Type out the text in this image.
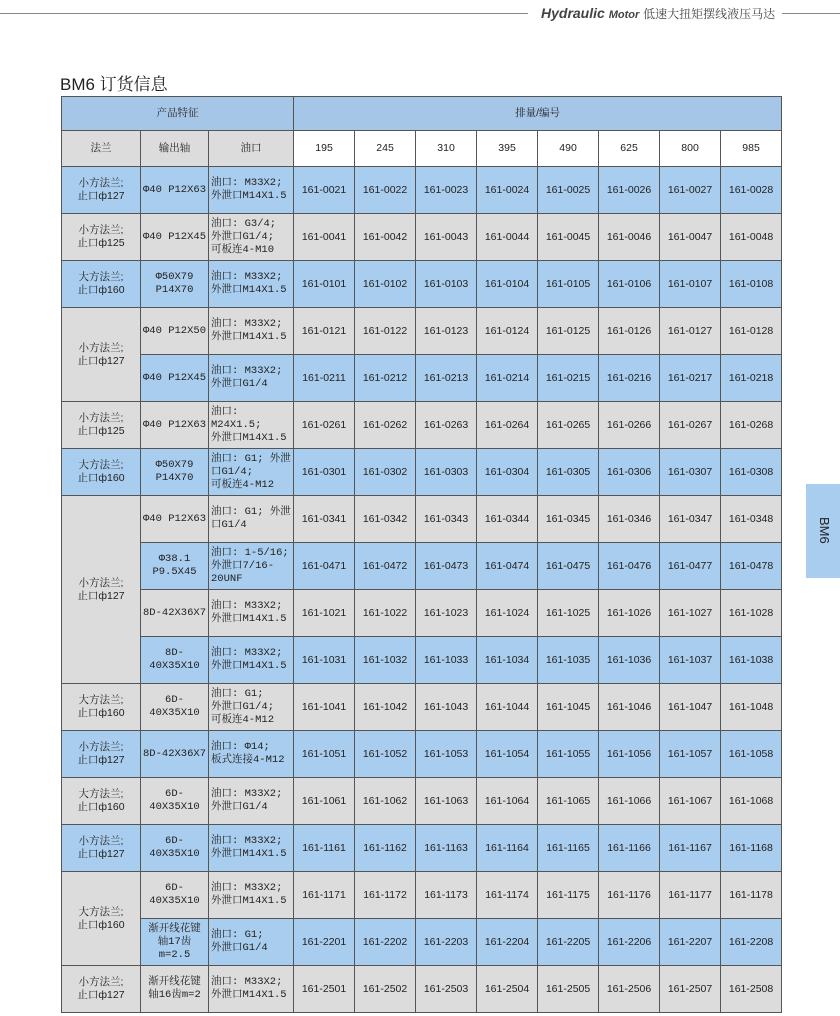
Hydraulic Motor 低速大扭矩摆线液压马达
BM6 订货信息
产品特征			排量/编号							
法兰	输出轴	油口	195	245	310	395	490	625	800	985
小方法兰;
止口ф127	Φ40 P12X63	油口: M33X2;
外泄口M14X1.5	161-0021	161-0022	161-0023	161-0024	161-0025	161-0026	161-0027	161-0028
小方法兰;
止口ф125	Φ40 P12X45	油口: G3/4;
外泄口G1/4;
可板连4-M10	161-0041	161-0042	161-0043	161-0044	161-0045	161-0046	161-0047	161-0048
大方法兰;
止口ф160	Φ50X79
P14X70	油口: M33X2;
外泄口M14X1.5	161-0101	161-0102	161-0103	161-0104	161-0105	161-0106	161-0107	161-0108
小方法兰;
止口ф127	Φ40 P12X50	油口: M33X2;
外泄口M14X1.5	161-0121	161-0122	161-0123	161-0124	161-0125	161-0126	161-0127	161-0128
	Φ40 P12X45	油口: M33X2;
外泄口G1/4	161-0211	161-0212	161-0213	161-0214	161-0215	161-0216	161-0217	161-0218
小方法兰;
止口ф125	Φ40 P12X63	油口:
M24X1.5;
外泄口M14X1.5	161-0261	161-0262	161-0263	161-0264	161-0265	161-0266	161-0267	161-0268
大方法兰;
止口ф160	Φ50X79
P14X70	油口: G1; 外泄
口G1/4;
可板连4-M12	161-0301	161-0302	161-0303	161-0304	161-0305	161-0306	161-0307	161-0308
小方法兰;
止口ф127	Φ40 P12X63	油口: G1; 外泄
口G1/4	161-0341	161-0342	161-0343	161-0344	161-0345	161-0346	161-0347	161-0348
	Φ38.1
P9.5X45	油口: 1-5/16;
外泄口7/16-
20UNF	161-0471	161-0472	161-0473	161-0474	161-0475	161-0476	161-0477	161-0478
	8D-42X36X7	油口: M33X2;
外泄口M14X1.5	161-1021	161-1022	161-1023	161-1024	161-1025	161-1026	161-1027	161-1028
	8D-40X35X10	油口: M33X2;
外泄口M14X1.5	161-1031	161-1032	161-1033	161-1034	161-1035	161-1036	161-1037	161-1038
大方法兰;
止口ф160	6D-40X35X10	油口: G1;
外泄口G1/4;
可板连4-M12	161-1041	161-1042	161-1043	161-1044	161-1045	161-1046	161-1047	161-1048
小方法兰;
止口ф127	8D-42X36X7	油口: Φ14;
板式连接4-M12	161-1051	161-1052	161-1053	161-1054	161-1055	161-1056	161-1057	161-1058
大方法兰;
止口ф160	6D-40X35X10	油口: M33X2;
外泄口G1/4	161-1061	161-1062	161-1063	161-1064	161-1065	161-1066	161-1067	161-1068
小方法兰;
止口ф127	6D-40X35X10	油口: M33X2;
外泄口M14X1.5	161-1161	161-1162	161-1163	161-1164	161-1165	161-1166	161-1167	161-1168
大方法兰;
止口ф160	6D-40X35X10	油口: M33X2;
外泄口M14X1.5	161-1171	161-1172	161-1173	161-1174	161-1175	161-1176	161-1177	161-1178
	渐开线花键
轴17齿m=2.5	油口: G1;
外泄口G1/4	161-2201	161-2202	161-2203	161-2204	161-2205	161-2206	161-2207	161-2208
小方法兰;
止口ф127	渐开线花键
轴16齿m=2	油口: M33X2;
外泄口M14X1.5	161-2501	161-2502	161-2503	161-2504	161-2505	161-2506	161-2507	161-2508
BM6
